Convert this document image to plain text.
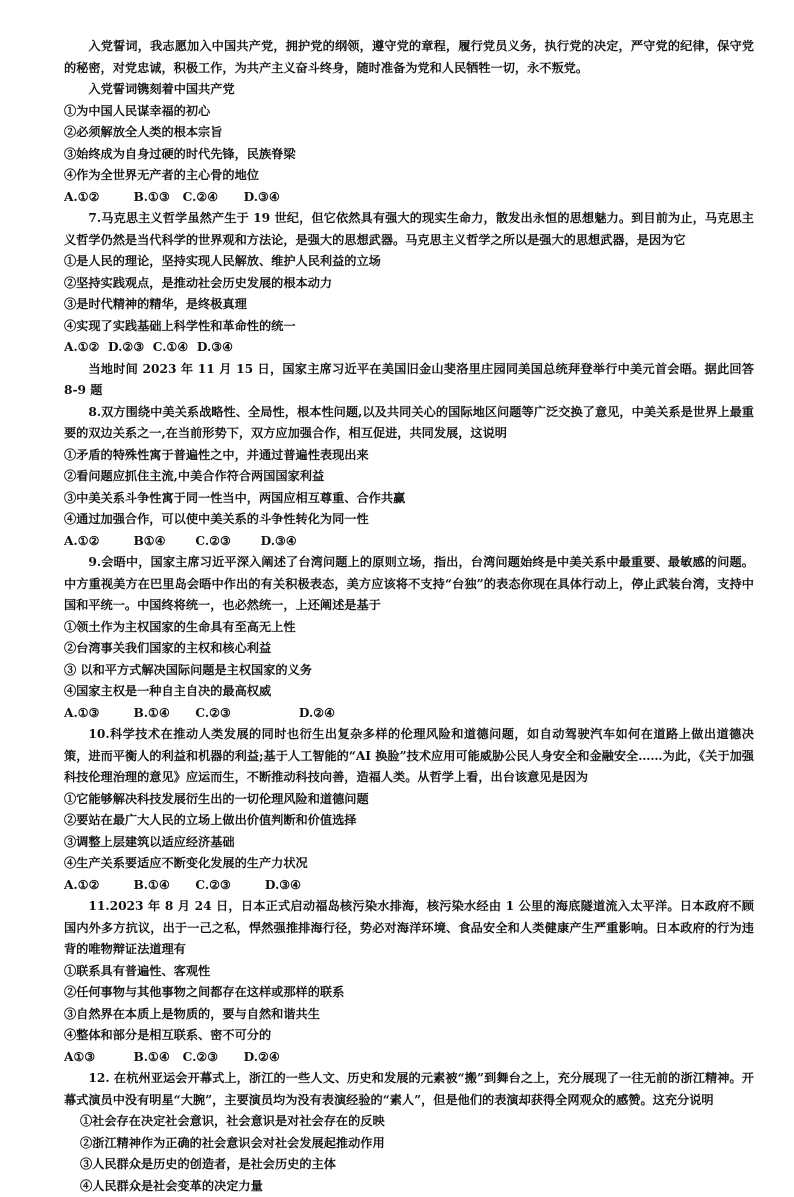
入党誓词，我志愿加入中国共产党，拥护党的纲领，遵守党的章程，履行党员义务，执行党的决定，严守党的纪律，保守党的秘密，对党忠诚，积极工作，为共产主义奋斗终身，随时准备为党和人民牺牲一切，永不叛党。

入党誓词镌刻着中国共产党

①为中国人民谋幸福的初心

②必须解放全人类的根本宗旨

③始终成为自身过硬的时代先锋，民族脊梁

④作为全世界无产者的主心骨的地位

A.①②        B.①③   C.②④      D.③④

7.马克思主义哲学虽然产生于 19 世纪，但它依然具有强大的现实生命力，散发出永恒的思想魅力。到目前为止，马克思主义哲学仍然是当代科学的世界观和方法论，是强大的思想武器。马克思主义哲学之所以是强大的思想武器，是因为它

①是人民的理论，坚持实现人民解放、维护人民利益的立场

②坚持实践观点，是推动社会历史发展的根本动力

③是时代精神的精华，是终极真理

④实现了实践基础上科学性和革命性的统一

A.①②  D.②③  C.①④  D.③④

当地时间 2023 年 11 月 15 日，国家主席习近平在美国旧金山斐洛里庄园同美国总统拜登举行中美元首会晤。据此回答 8-9 题

8.双方围绕中美关系战略性、全局性，根本性问题,以及共同关心的国际地区问题等广泛交换了意见，中美关系是世界上最重要的双边关系之一,在当前形势下，双方应加强合作，相互促进，共同发展，这说明

①矛盾的特殊性寓于普遍性之中，并通过普遍性表现出来

②看问题应抓住主流,中美合作符合两国国家利益

③中美关系斗争性寓于同一性当中，两国应相互尊重、合作共赢

④通过加强合作，可以使中美关系的斗争性转化为同一性

A.①②        B①④       C.②③       D.③④

9.会晤中，国家主席习近平深入阐述了台湾问题上的原则立场，指出，台湾问题始终是中美关系中最重要、最敏感的问题。中方重视美方在巴里岛会晤中作出的有关积极表态，美方应该将不支持“台独”的表态你现在具体行动上，停止武装台湾，支持中国和平统一。中国终将统一，也必然统一，上还阐述是基于

①领土作为主权国家的生命具有至高无上性

②台湾事关我们国家的主权和核心利益

③ 以和平方式解决国际问题是主权国家的义务

④国家主权是一种自主自决的最高权威

A.①③        B.①④      C.②③                D.②④

10.科学技术在推动人类发展的同时也衍生出复杂多样的伦理风险和道德问题，如自动驾驶汽车如何在道路上做出道德决策，进而平衡人的利益和机器的利益;基于人工智能的“AI 换脸”技术应用可能威胁公民人身安全和金融安全……为此，《关于加强科技伦理治理的意见》应运而生，不断推动科技向善，造福人类。从哲学上看，出台该意见是因为

①它能够解决科技发展衍生出的一切伦理风险和道德问题

②要站在最广大人民的立场上做出价值判断和价值选择

③调整上层建筑以适应经济基础

④生产关系要适应不断变化发展的生产力状况

A.①②        B.①④      C.②③        D.③④

11.2023 年 8 月 24 日，日本正式启动福岛核污染水排海，核污染水经由 1 公里的海底隧道流入太平洋。日本政府不顾国内外多方抗议，出于一己之私，悍然强推排海行径，势必对海洋环境、食品安全和人类健康产生严重影响。日本政府的行为违背的唯物辩证法道理有

①联系具有普遍性、客观性

②任何事物与其他事物之间都存在这样或那样的联系

③自然界在本质上是物质的，要与自然和谐共生

④整体和部分是相互联系、密不可分的

A①③         B.①④   C.②③      D.②④

12. 在杭州亚运会开幕式上，浙江的一些人文、历史和发展的元素被“搬”到舞台之上，充分展现了一往无前的浙江精神。开幕式演员中没有明星“大腕”，主要演员均为没有表演经验的“素人”，但是他们的表演却获得全网观众的感赞。这充分说明

①社会存在决定社会意识，社会意识是对社会存在的反映

②浙江精神作为正确的社会意识会对社会发展起推动作用

③人民群众是历史的创造者，是社会历史的主体

④人民群众是社会变革的决定力量
